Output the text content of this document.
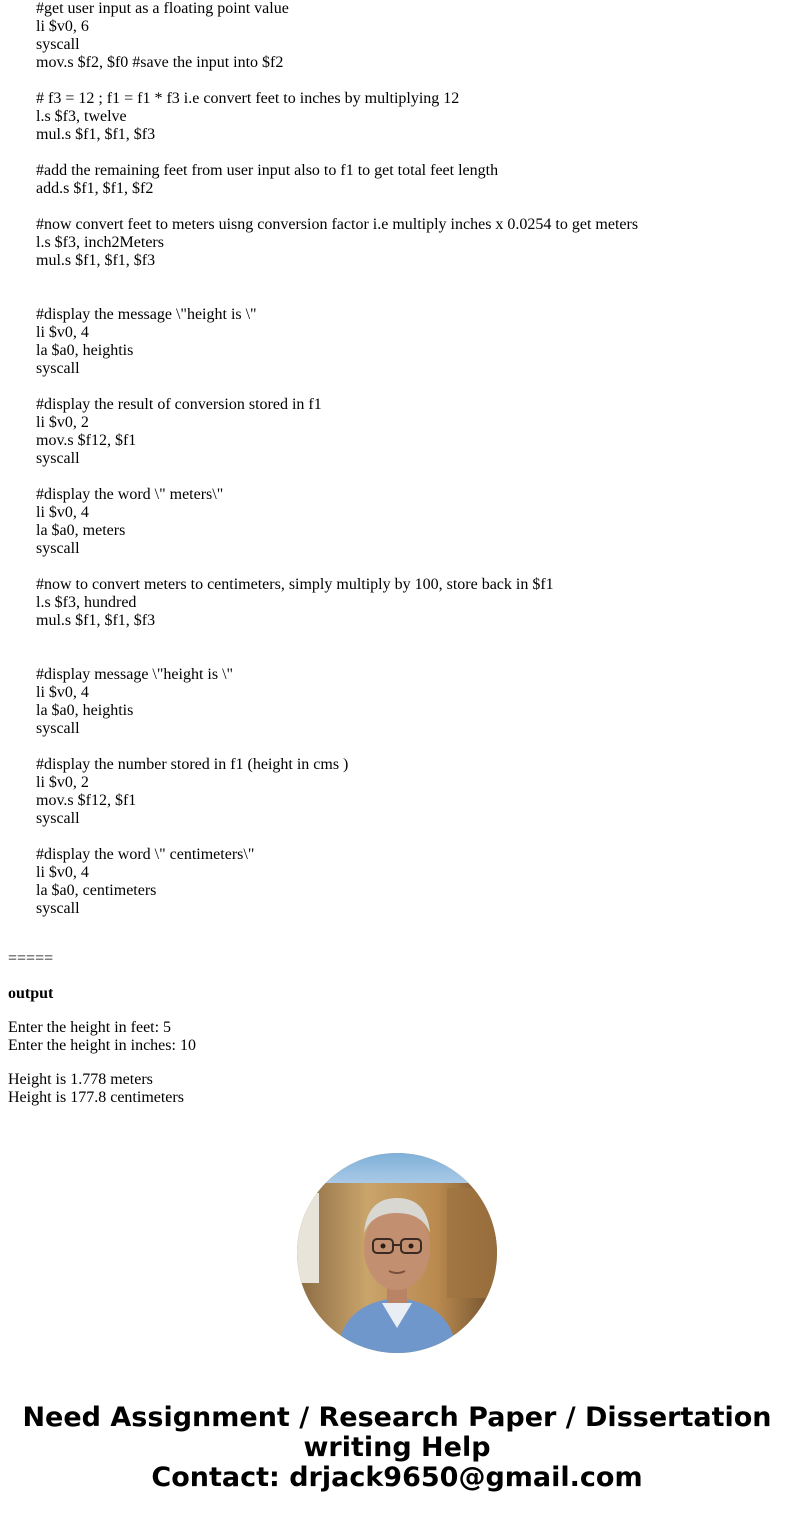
#get user input as a floating point value
li $v0, 6
syscall
mov.s $f2, $f0 #save the input into $f2
# f3 = 12 ; f1 = f1 * f3 i.e convert feet to inches by multiplying 12
l.s $f3, twelve
mul.s $f1, $f1, $f3
#add the remaining feet from user input also to f1 to get total feet length
add.s $f1, $f1, $f2
#now convert feet to meters uisng conversion factor i.e multiply inches x 0.0254 to get meters
l.s $f3, inch2Meters
mul.s $f1, $f1, $f3
#display the message \"height is \"
li $v0, 4
la $a0, heightis
syscall
#display the result of conversion stored in f1
li $v0, 2
mov.s $f12, $f1
syscall
#display the word \" meters\"
li $v0, 4
la $a0, meters
syscall
#now to convert meters to centimeters, simply multiply by 100, store back in $f1
l.s $f3, hundred
mul.s $f1, $f1, $f3
#display message \"height is \"
li $v0, 4
la $a0, heightis
syscall
#display the number stored in f1 (height in cms )
li $v0, 2
mov.s $f12, $f1
syscall
#display the word \" centimeters\"
li $v0, 4
la $a0, centimeters
syscall
=====
output
Enter the height in feet: 5
Enter the height in inches: 10
Height is 1.778 meters
Height is 177.8 centimeters
Need Assignment / Research Paper / Dissertation
writing Help
Contact: drjack9650@gmail.com
